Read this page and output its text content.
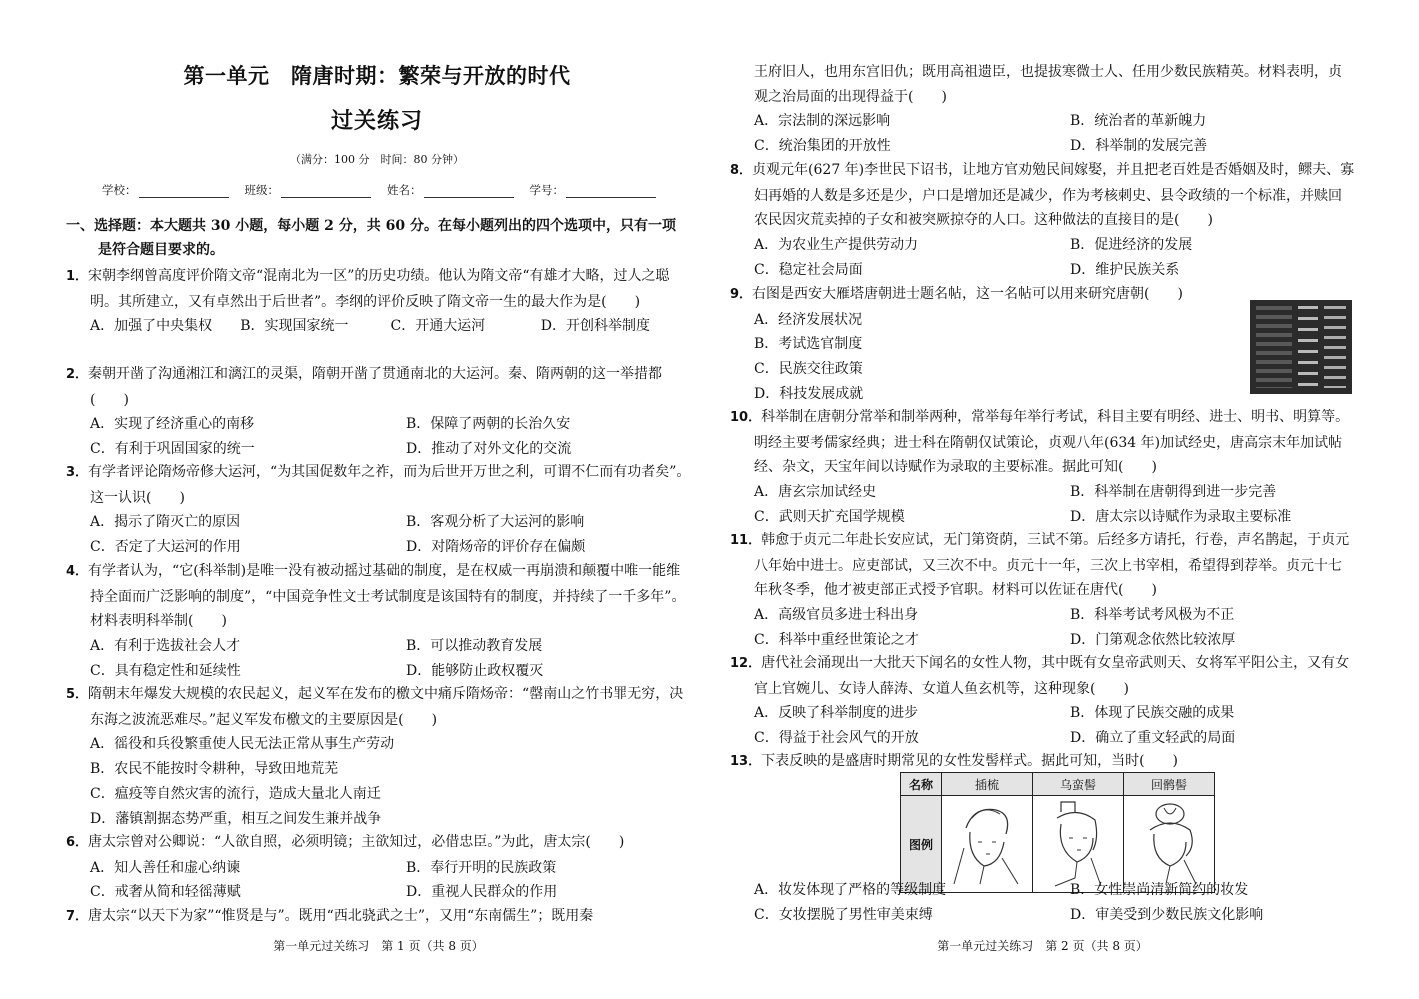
第一单元　隋唐时期：繁荣与开放的时代
过关练习
（满分：100 分　时间：80 分钟）
学校：	班级：	姓名：	学号：
一、选择题：本大题共 30 小题，每小题 2 分，共 60 分。在每小题列出的四个选项中，只有一项
是符合题目要求的。
1．宋朝李纲曾高度评价隋文帝“混南北为一区”的历史功绩。他认为隋文帝“有雄才大略，过人之聪明。其所建立，又有卓然出于后世者”。李纲的评价反映了隋文帝一生的最大作为是(　　)
A．加强了中央集权	B．实现国家统一	C．开通大运河	D．开创科举制度
2．秦朝开凿了沟通湘江和漓江的灵渠，隋朝开凿了贯通南北的大运河。秦、隋两朝的这一举措都(　　)
A．实现了经济重心的南移	B．保障了两朝的长治久安
C．有利于巩固国家的统一	D．推动了对外文化的交流
3．有学者评论隋炀帝修大运河，“为其国促数年之祚，而为后世开万世之利，可谓不仁而有功者矣”。这一认识(　　)
A．揭示了隋灭亡的原因	B．客观分析了大运河的影响
C．否定了大运河的作用	D．对隋炀帝的评价存在偏颇
4．有学者认为，“它(科举制)是唯一没有被动摇过基础的制度，是在权威一再崩溃和颠覆中唯一能维持全面而广泛影响的制度”，“中国竞争性文士考试制度是该国特有的制度，并持续了一千多年”。材料表明科举制(　　)
A．有利于选拔社会人才	B．可以推动教育发展
C．具有稳定性和延续性	D．能够防止政权覆灭
5．隋朝末年爆发大规模的农民起义，起义军在发布的檄文中痛斥隋炀帝：“罄南山之竹书罪无穷，决东海之波流恶难尽。”起义军发布檄文的主要原因是(　　)
A．徭役和兵役繁重使人民无法正常从事生产劳动
B．农民不能按时令耕种，导致田地荒芜
C．瘟疫等自然灾害的流行，造成大量北人南迁
D．藩镇割据态势严重，相互之间发生兼并战争
6．唐太宗曾对公卿说：“人欲自照，必须明镜；主欲知过，必借忠臣。”为此，唐太宗(　　)
A．知人善任和虚心纳谏	B．奉行开明的民族政策
C．戒奢从简和轻徭薄赋	D．重视人民群众的作用
7．唐太宗“以天下为家”“惟贤是与”。既用“西北骁武之士”，又用“东南儒生”；既用秦
第一单元过关练习　第 1 页（共 8 页）
王府旧人，也用东宫旧仇；既用高祖遗臣，也提拔寒微士人、任用少数民族精英。材料表明，贞观之治局面的出现得益于(　　)
A．宗法制的深远影响	B．统治者的革新魄力
C．统治集团的开放性	D．科举制的发展完善
8．贞观元年(627 年)李世民下诏书，让地方官劝勉民间嫁娶，并且把老百姓是否婚姻及时，鳏夫、寡妇再婚的人数是多还是少，户口是增加还是减少，作为考核刺史、县令政绩的一个标准，并赎回农民因灾荒卖掉的子女和被突厥掠夺的人口。这种做法的直接目的是(　　)
A．为农业生产提供劳动力	B．促进经济的发展
C．稳定社会局面	D．维护民族关系
9．右图是西安大雁塔唐朝进士题名帖，这一名帖可以用来研究唐朝(　　)
A．经济发展状况
B．考试选官制度
C．民族交往政策
D．科技发展成就
10．科举制在唐朝分常举和制举两种，常举每年举行考试，科目主要有明经、进士、明书、明算等。明经主要考儒家经典；进士科在隋朝仅试策论，贞观八年(634 年)加试经史，唐高宗末年加试帖经、杂文，天宝年间以诗赋作为录取的主要标准。据此可知(　　)
A．唐玄宗加试经史	B．科举制在唐朝得到进一步完善
C．武则天扩充国学规模	D．唐太宗以诗赋作为录取主要标准
11．韩愈于贞元二年赴长安应试，无门第资荫，三试不第。后经多方请托，行卷，声名鹊起，于贞元八年始中进士。应吏部试，又三次不中。贞元十一年，三次上书宰相，希望得到荐举。贞元十七年秋冬季，他才被吏部正式授予官职。材料可以佐证在唐代(　　)
A．高级官员多进士科出身	B．科举考试考风极为不正
C．科举中重经世策论之才	D．门第观念依然比较浓厚
12．唐代社会涌现出一大批天下闻名的女性人物，其中既有女皇帝武则天、女将军平阳公主，又有女官上官婉儿、女诗人薛涛、女道人鱼玄机等，这种现象(　　)
A．反映了科举制度的进步	B．体现了民族交融的成果
C．得益于社会风气的开放	D．确立了重文轻武的局面
13．下表反映的是盛唐时期常见的女性发髻样式。据此可知，当时(　　)
名称	插梳	乌蛮髻	回鹘髻
图例			
A．妆发体现了严格的等级制度	B．女性崇尚清新简约的妆发
C．女妆摆脱了男性审美束缚	D．审美受到少数民族文化影响
第一单元过关练习　第 2 页（共 8 页）
